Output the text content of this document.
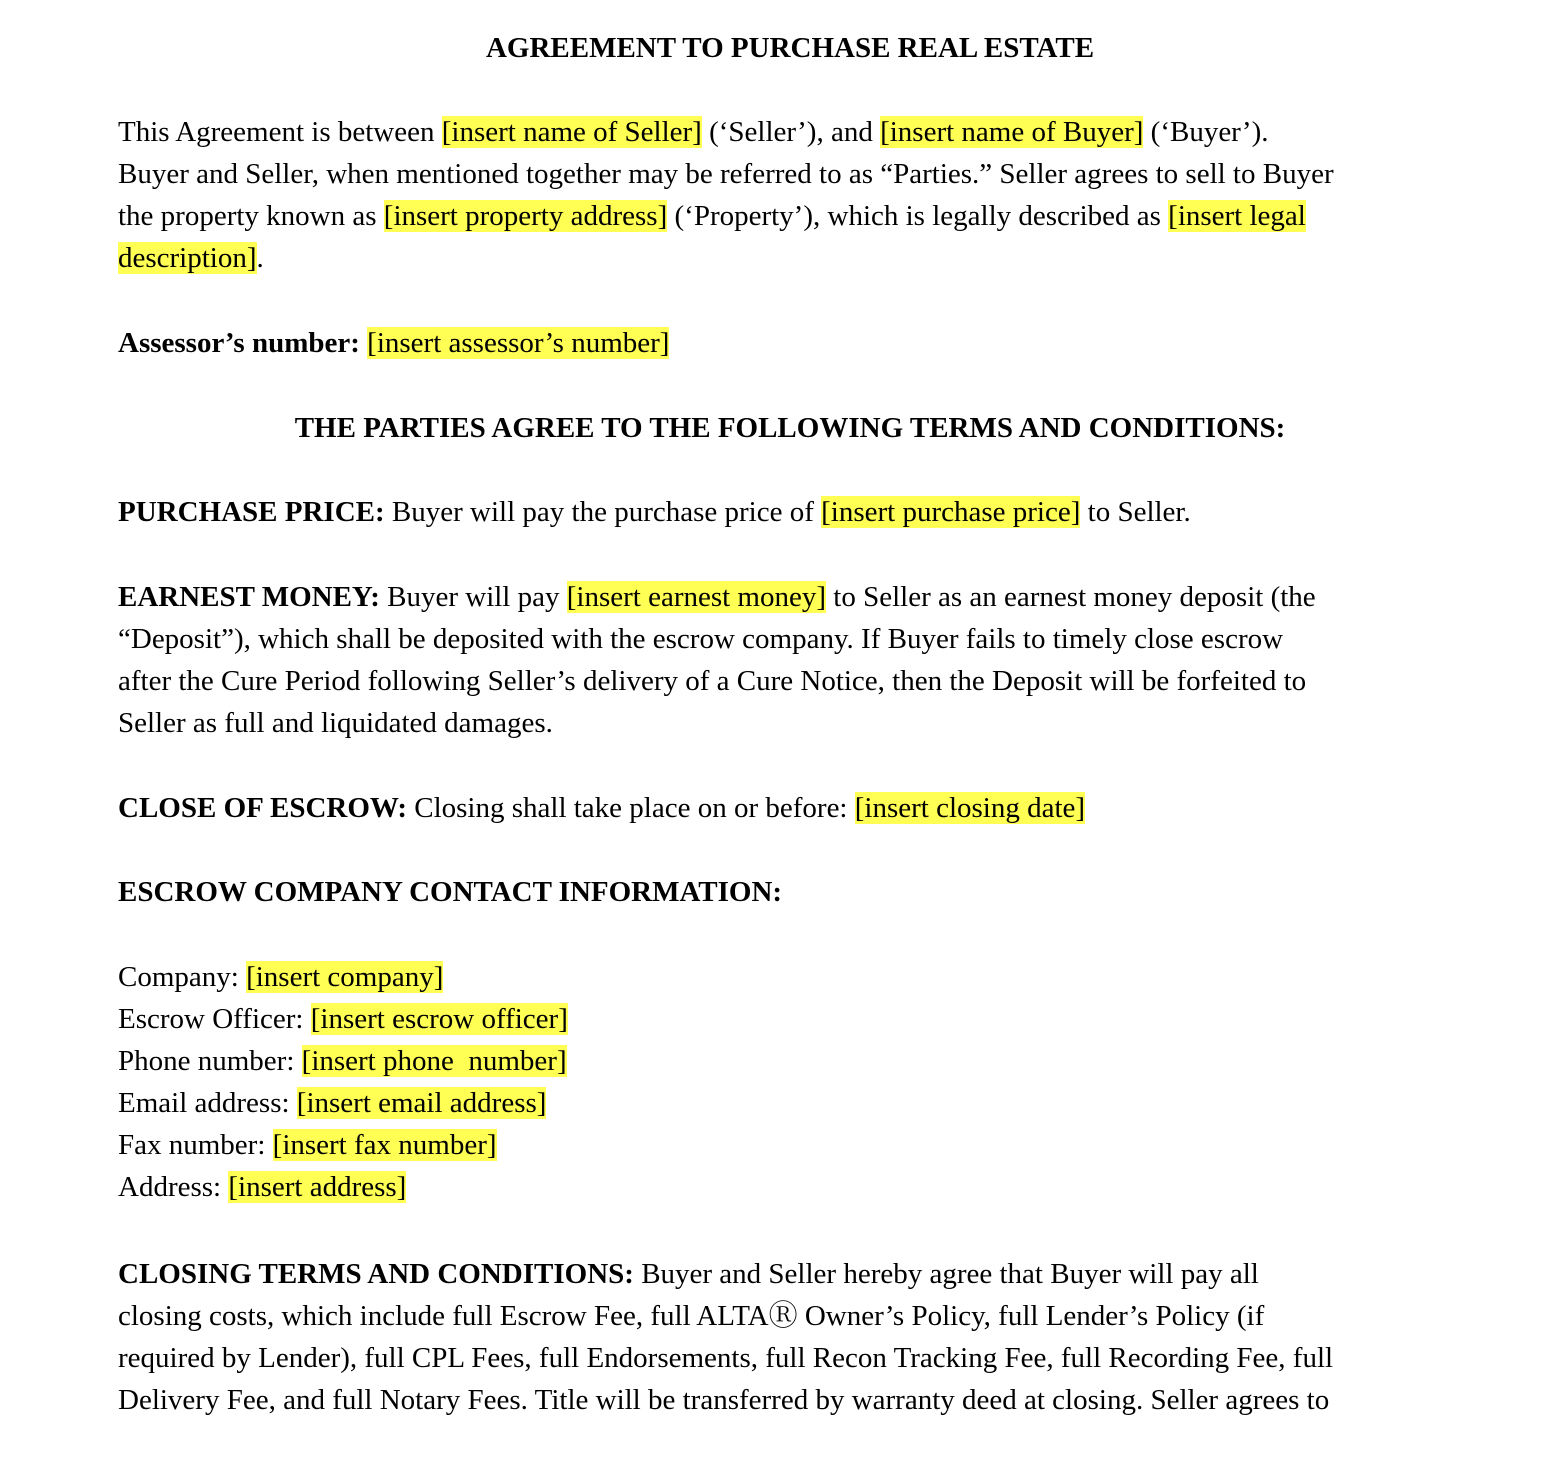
AGREEMENT TO PURCHASE REAL ESTATE
This Agreement is between [insert name of Seller] (‘Seller’), and [insert name of Buyer] (‘Buyer’).
Buyer and Seller, when mentioned together may be referred to as “Parties.” Seller agrees to sell to Buyer
the property known as [insert property address] (‘Property’), which is legally described as [insert legal
description].
Assessor’s number: [insert assessor’s number]
THE PARTIES AGREE TO THE FOLLOWING TERMS AND CONDITIONS:
PURCHASE PRICE: Buyer will pay the purchase price of [insert purchase price] to Seller.
EARNEST MONEY: Buyer will pay [insert earnest money] to Seller as an earnest money deposit (the
“Deposit”), which shall be deposited with the escrow company. If Buyer fails to timely close escrow
after the Cure Period following Seller’s delivery of a Cure Notice, then the Deposit will be forfeited to
Seller as full and liquidated damages.
CLOSE OF ESCROW: Closing shall take place on or before: [insert closing date]
ESCROW COMPANY CONTACT INFORMATION:
Company: [insert company]
Escrow Officer: [insert escrow officer]
Phone number: [insert phone  number]
Email address: [insert email address]
Fax number: [insert fax number]
Address: [insert address]
CLOSING TERMS AND CONDITIONS: Buyer and Seller hereby agree that Buyer will pay all
closing costs, which include full Escrow Fee, full ALTAⓇ Owner’s Policy, full Lender’s Policy (if
required by Lender), full CPL Fees, full Endorsements, full Recon Tracking Fee, full Recording Fee, full
Delivery Fee, and full Notary Fees. Title will be transferred by warranty deed at closing. Seller agrees to
